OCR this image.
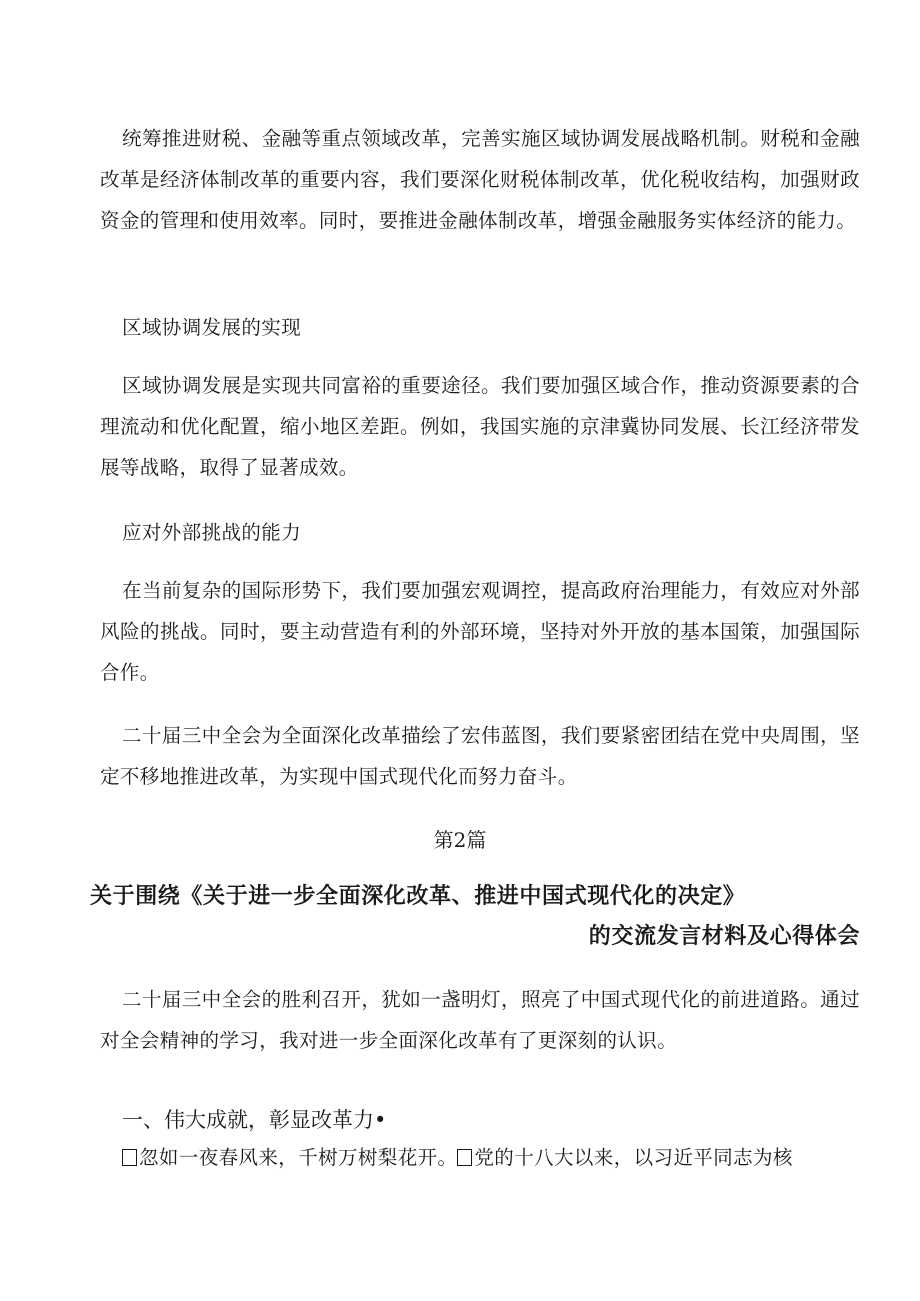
统筹推进财税、金融等重点领域改革，完善实施区域协调发展战略机制。财税和金融改革是经济体制改革的重要内容，我们要深化财税体制改革，优化税收结构，加强财政资金的管理和使用效率。同时，要推进金融体制改革，增强金融服务实体经济的能力。

区域协调发展的实现

区域协调发展是实现共同富裕的重要途径。我们要加强区域合作，推动资源要素的合理流动和优化配置，缩小地区差距。例如，我国实施的京津冀协同发展、长江经济带发展等战略，取得了显著成效。

应对外部挑战的能力

在当前复杂的国际形势下，我们要加强宏观调控，提高政府治理能力，有效应对外部风险的挑战。同时，要主动营造有利的外部环境，坚持对外开放的基本国策，加强国际合作。

二十届三中全会为全面深化改革描绘了宏伟蓝图，我们要紧密团结在党中央周围，坚定不移地推进改革，为实现中国式现代化而努力奋斗。

第2篇

关于围绕《关于进一步全面深化改革、推进中国式现代化的决定》
的交流发言材料及心得体会

二十届三中全会的胜利召开，犹如一盏明灯，照亮了中国式现代化的前进道路。通过对全会精神的学习，我对进一步全面深化改革有了更深刻的认识。

一、伟大成就，彰显改革力•

忽如一夜春风来，千树万树梨花开。 党的十八大以来，以习近平同志为核
